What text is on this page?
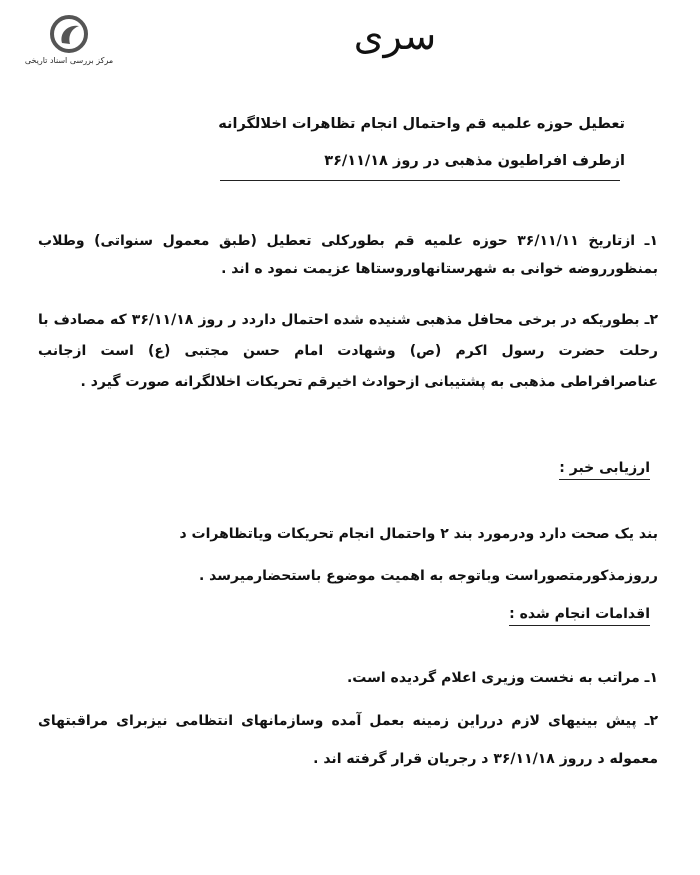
مرکز بررسی اسناد تاریخی
سری
تعطیل حوزه علمیه قم واحتمال انجام تظاهرات اخلالگرانه
ازطرف افراطیون مذهبی در روز ۳۶/۱۱/۱۸
۱ـ ازتاریخ ۳۶/۱۱/۱۱ حوزه علمیه قم بطورکلی تعطیل (طبق معمول سنواتی) وطلاب بمنظورروضه خوانی به شهرستانهاوروستاها عزیمت نمود ه اند .
۲ـ بطوریکه در برخی محافل مذهبی شنیده شده احتمال داردد ر روز ۳۶/۱۱/۱۸ که مصادف با رحلت حضرت رسول اکرم (ص) وشهادت امام حسن مجتبی (ع) است ازجانب عناصرافراطی مذهبی به پشتیبانی ازحوادث اخیرقم تحریکات اخلالگرانه صورت گیرد .
ارزیابی خبر :
بند یک صحت دارد ودرمورد بند ۲ واحتمال انجام تحریکات ویاتظاهرات د رروزمذکورمتصوراست وباتوجه به اهمیت موضوع باستحضارمیرسد .
اقدامات انجام شده :
۱ـ مراتب به نخست وزیری اعلام گردیده است.
۲ـ پیش بینیهای لازم درراین زمینه بعمل آمده وسازمانهای انتظامی نیزبرای مراقبتهای معموله د رروز ۳۶/۱۱/۱۸ د رجریان قرار گرفته اند .
